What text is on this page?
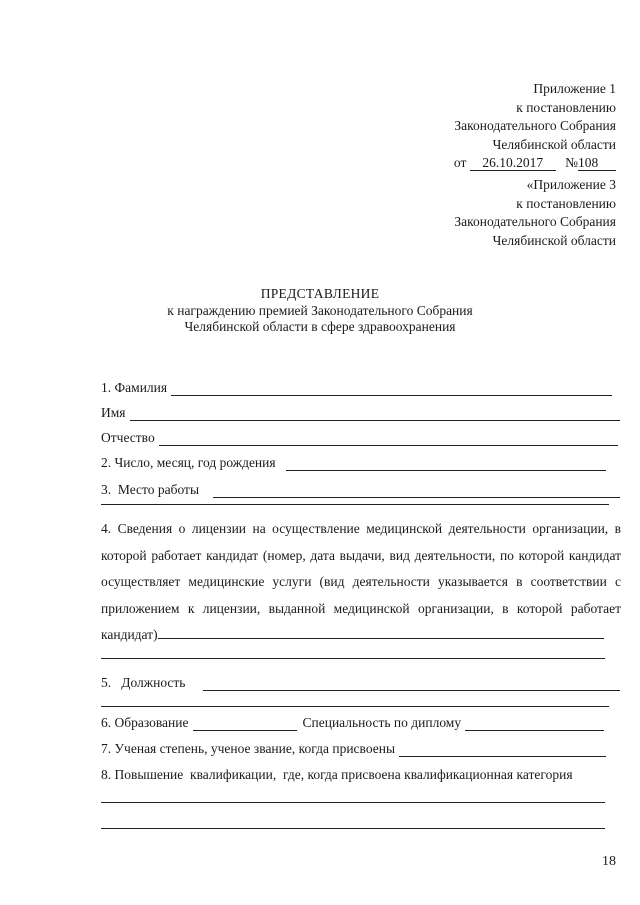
Приложение 1
к постановлению
Законодательного Собрания
Челябинской области
от 26.10.2017 №108
«Приложение 3
к постановлению
Законодательного Собрания
Челябинской области
ПРЕДСТАВЛЕНИЕ
к награждению премией Законодательного Собрания
Челябинской области в сфере здравоохранения
1. Фамилия
Имя
Отчество
2. Число, месяц, год рождения
3.  Место работы
4. Сведения о лицензии на осуществление медицинской деятельности организации, в которой работает кандидат (номер, дата выдачи, вид деятельности, по которой кандидат осуществляет медицинские услуги (вид деятельности указывается в соответствии с приложением к лицензии, выданной медицинской организации, в которой работает кандидат)
5.   Должность
6. Образование	Специальность по диплому
7. Ученая степень, ученое звание, когда присвоены
8. Повышение  квалификации,  где, когда присвоена квалификационная категория
18
